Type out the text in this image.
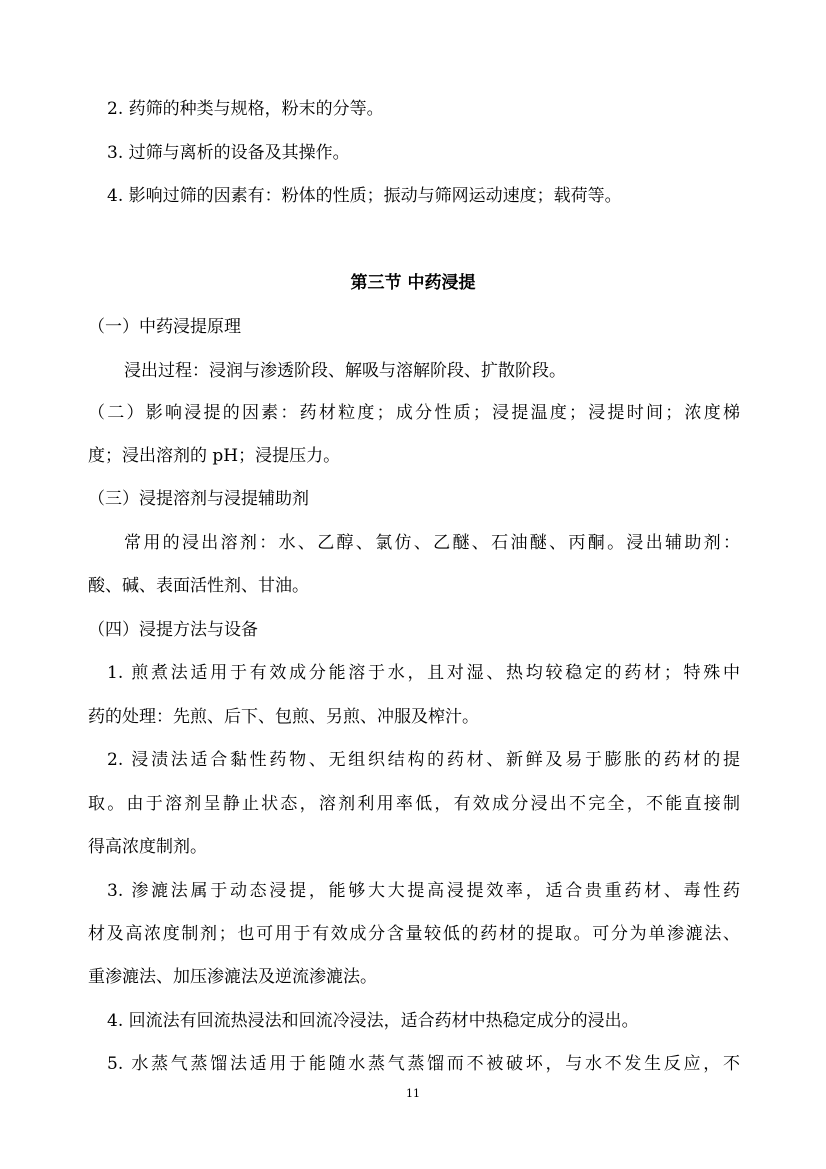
2. 药筛的种类与规格，粉末的分等。
3. 过筛与离析的设备及其操作。
4. 影响过筛的因素有：粉体的性质；振动与筛网运动速度；载荷等。
第三节 中药浸提
（一）中药浸提原理
浸出过程：浸润与渗透阶段、解吸与溶解阶段、扩散阶段。
（二）影响浸提的因素：药材粒度；成分性质；浸提温度；浸提时间；浓度梯
度；浸出溶剂的 pH；浸提压力。
（三）浸提溶剂与浸提辅助剂
常用的浸出溶剂：水、乙醇、氯仿、乙醚、石油醚、丙酮。浸出辅助剂：
酸、碱、表面活性剂、甘油。
（四）浸提方法与设备
1. 煎煮法适用于有效成分能溶于水，且对湿、热均较稳定的药材；特殊中
药的处理：先煎、后下、包煎、另煎、冲服及榨汁。
2. 浸渍法适合黏性药物、无组织结构的药材、新鲜及易于膨胀的药材的提
取。由于溶剂呈静止状态，溶剂利用率低，有效成分浸出不完全，不能直接制
得高浓度制剂。
3. 渗漉法属于动态浸提，能够大大提高浸提效率，适合贵重药材、毒性药
材及高浓度制剂；也可用于有效成分含量较低的药材的提取。可分为单渗漉法、
重渗漉法、加压渗漉法及逆流渗漉法。
4. 回流法有回流热浸法和回流冷浸法，适合药材中热稳定成分的浸出。
5. 水蒸气蒸馏法适用于能随水蒸气蒸馏而不被破坏，与水不发生反应，不
11
